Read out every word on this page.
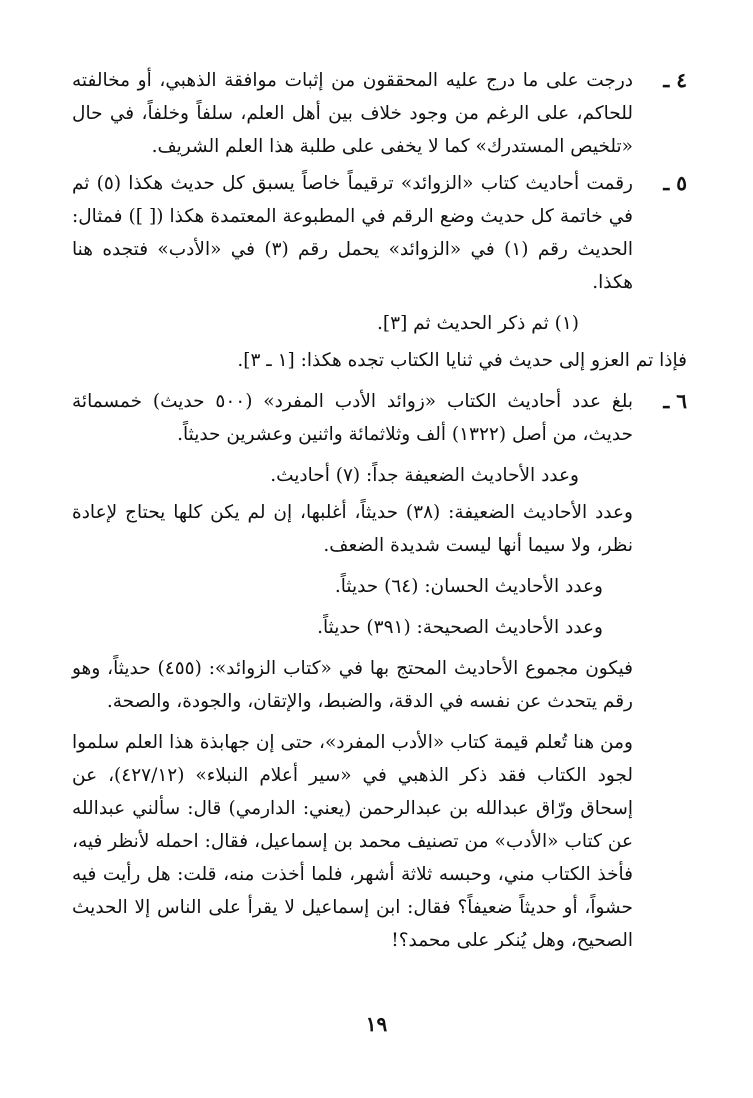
٤ ـ

درجت على ما درج عليه المحققون من إثبات موافقة الذهبي، أو مخالفته للحاكم، على الرغم من وجود خلاف بين أهل العلم، سلفاً وخلفاً، في حال «تلخيص المستدرك» كما لا يخفى على طلبة هذا العلم الشريف.

٥ ـ

رقمت أحاديث كتاب «الزوائد» ترقيماً خاصاً يسبق كل حديث هكذا (٥) ثم في خاتمة كل حديث وضع الرقم في المطبوعة المعتمدة هكذا ([ ]) فمثال: الحديث رقم (١) في «الزوائد» يحمل رقم (٣) في «الأدب» فتجده هنا هكذا.

(١) ثم ذكر الحديث ثم [٣].

فإذا تم العزو إلى حديث في ثنايا الكتاب تجده هكذا: [١ ـ ٣].

٦ ـ

بلغ عدد أحاديث الكتاب «زوائد الأدب المفرد» (٥٠٠ حديث) خمسمائة حديث، من أصل (١٣٢٢) ألف وثلاثمائة واثنين وعشرين حديثاً.

وعدد الأحاديث الضعيفة جداً: (٧) أحاديث.

وعدد الأحاديث الضعيفة: (٣٨) حديثاً، أغلبها، إن لم يكن كلها يحتاج لإعادة نظر، ولا سيما أنها ليست شديدة الضعف.

وعدد الأحاديث الحسان: (٦٤) حديثاً.

وعدد الأحاديث الصحيحة: (٣٩١) حديثاً.

فيكون مجموع الأحاديث المحتج بها في «كتاب الزوائد»: (٤٥٥) حديثاً، وهو رقم يتحدث عن نفسه في الدقة، والضبط، والإتقان، والجودة، والصحة.

ومن هنا تُعلم قيمة كتاب «الأدب المفرد»، حتى إن جهابذة هذا العلم سلموا لجود الكتاب فقد ذكر الذهبي في «سير أعلام النبلاء» (٤٢٧/١٢)، عن إسحاق ورّاق عبدالله بن عبدالرحمن (يعني: الدارمي) قال: سألني عبدالله عن كتاب «الأدب» من تصنيف محمد بن إسماعيل، فقال: احمله لأنظر فيه، فأخذ الكتاب مني، وحبسه ثلاثة أشهر، فلما أخذت منه، قلت: هل رأيت فيه حشواً، أو حديثاً ضعيفاً؟ فقال: ابن إسماعيل لا يقرأ على الناس إلا الحديث الصحيح، وهل يُنكر على محمد؟!

١٩
